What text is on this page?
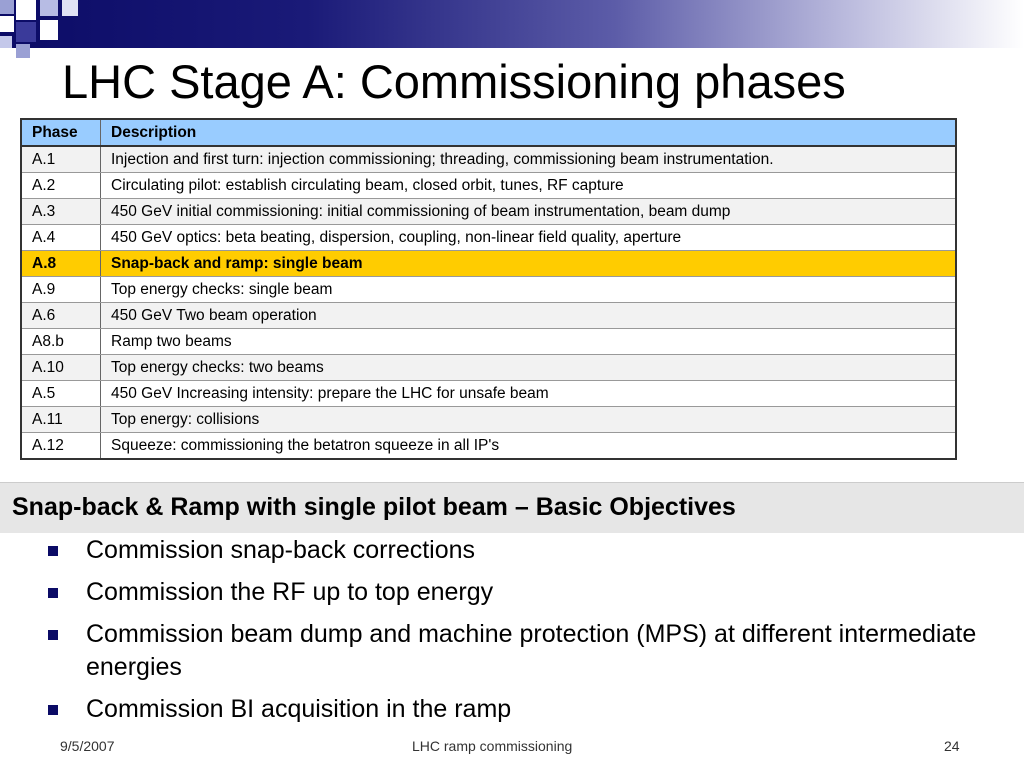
LHC Stage A: Commissioning phases
Phase	Description
A.1	Injection and first turn: injection commissioning; threading, commissioning beam instrumentation.
A.2	Circulating pilot: establish circulating beam, closed orbit, tunes, RF capture
A.3	450 GeV initial commissioning: initial commissioning of beam instrumentation, beam dump
A.4	450 GeV optics: beta beating, dispersion, coupling, non-linear field quality, aperture
A.8	Snap-back and ramp: single beam
A.9	Top energy checks: single beam
A.6	450 GeV Two beam operation
A8.b	Ramp two beams
A.10	Top energy checks: two beams
A.5	450 GeV Increasing intensity: prepare the LHC for unsafe beam
A.11	Top energy: collisions
A.12	Squeeze: commissioning the betatron squeeze in all IP's
Snap-back & Ramp with single pilot beam – Basic Objectives
Commission snap-back corrections
Commission the RF up to top energy
Commission beam dump and machine protection (MPS) at different intermediate energies
Commission BI acquisition in the ramp
9/5/2007	LHC ramp commissioning	24
